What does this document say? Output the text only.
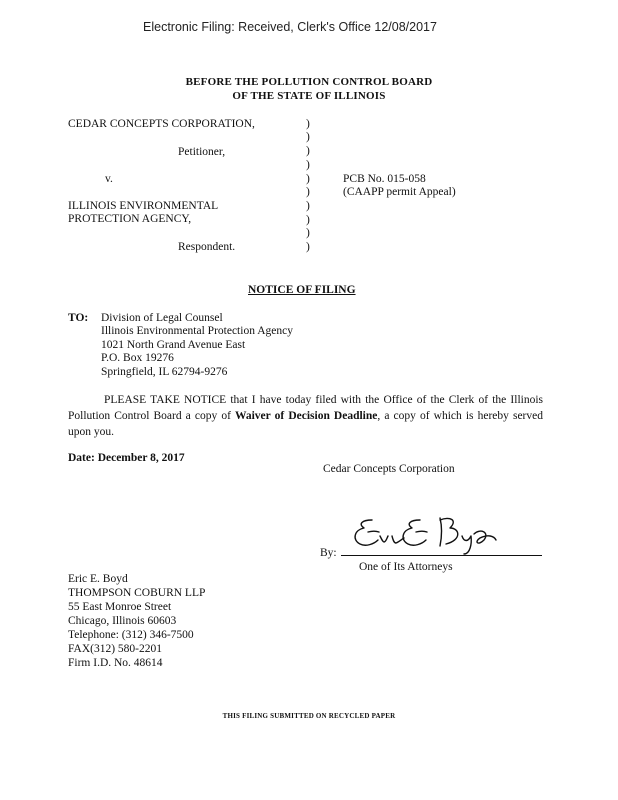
Electronic Filing: Received, Clerk's Office 12/08/2017
BEFORE THE POLLUTION CONTROL BOARD
OF THE STATE OF ILLINOIS
CEDAR CONCEPTS CORPORATION,
Petitioner,
v.
ILLINOIS ENVIRONMENTAL
PROTECTION AGENCY,
Respondent.
)
)
)
)
)
)
)
)
)
)
PCB No. 015-058
(CAAPP permit Appeal)
NOTICE OF FILING
TO: Division of Legal Counsel
Illinois Environmental Protection Agency
1021 North Grand Avenue East
P.O. Box 19276
Springfield, IL 62794-9276
PLEASE TAKE NOTICE that I have today filed with the Office of the Clerk of the Illinois Pollution Control Board a copy of Waiver of Decision Deadline, a copy of which is hereby served upon you.
Date: December 8, 2017
Cedar Concepts Corporation
By:
One of Its Attorneys
Eric E. Boyd
THOMPSON COBURN LLP
55 East Monroe Street
Chicago, Illinois 60603
Telephone: (312) 346-7500
FAX(312) 580-2201
Firm I.D. No. 48614
THIS FILING SUBMITTED ON RECYCLED PAPER
